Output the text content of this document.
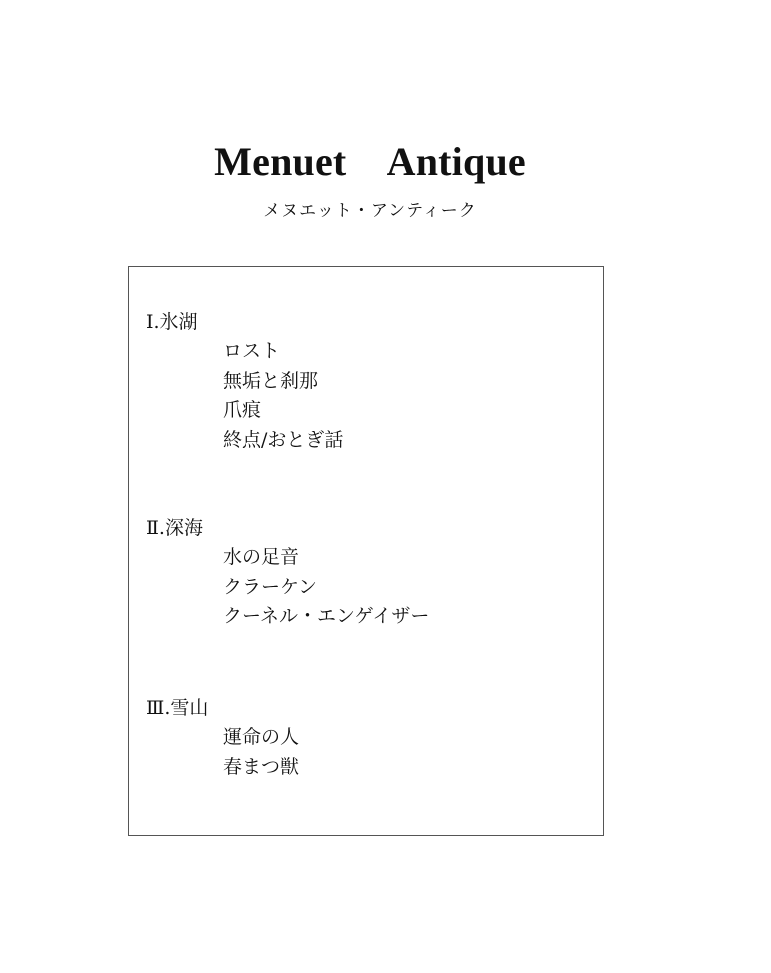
Menuet　Antique
メヌエット・アンティーク
Ⅰ.氷湖
ロスト
無垢と刹那
爪痕
終点/おとぎ話
Ⅱ.深海
水の足音
クラーケン
クーネル・エンゲイザー
Ⅲ.雪山
運命の人
春まつ獣
